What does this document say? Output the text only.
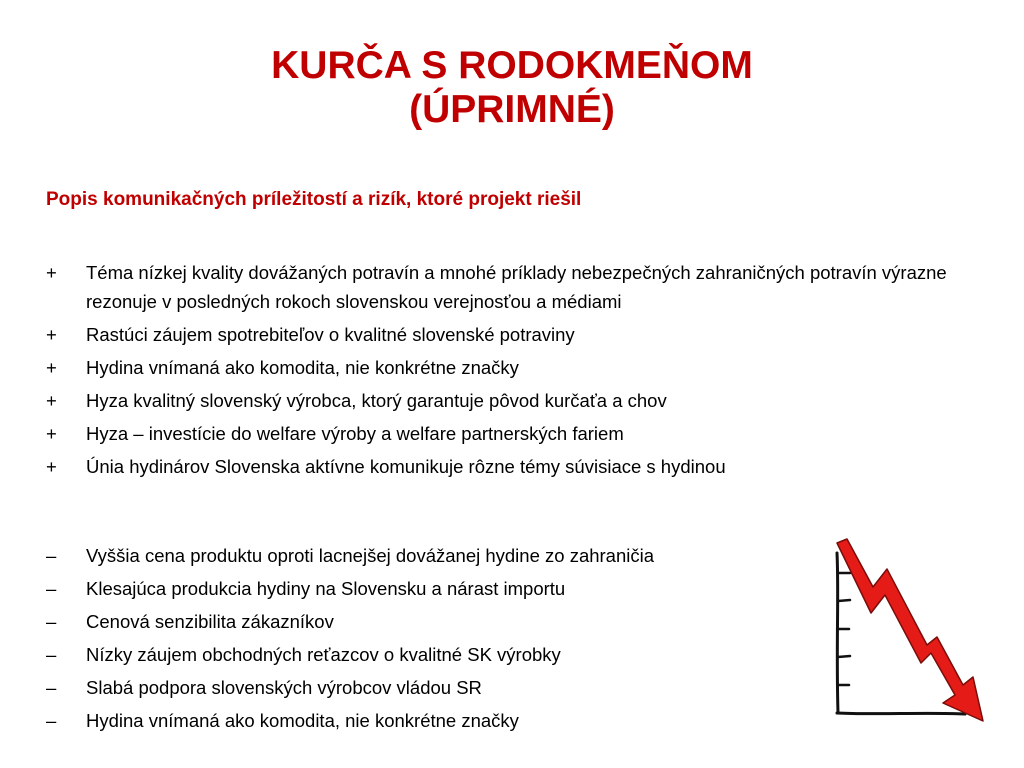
KURČA S RODOKMEŇOM
(ÚPRIMNÉ)
Popis komunikačných príležitostí a rizík, ktoré projekt riešil
+	Téma nízkej kvality dovážaných potravín a mnohé príklady nebezpečných zahraničných potravín výrazne rezonuje v posledných rokoch slovenskou verejnosťou a médiami
+	Rastúci záujem spotrebiteľov o kvalitné slovenské potraviny
+	Hydina vnímaná ako komodita, nie konkrétne značky
+	Hyza kvalitný slovenský výrobca, ktorý garantuje pôvod kurčaťa a chov
+	Hyza – investície do welfare výroby a welfare partnerských fariem
+	Únia hydinárov Slovenska aktívne komunikuje rôzne témy súvisiace s hydinou
–	Vyššia cena produktu oproti lacnejšej dovážanej hydine zo zahraničia
–	Klesajúca produkcia hydiny na Slovensku a nárast importu
–	Cenová senzibilita zákazníkov
–	Nízky záujem obchodných reťazcov o kvalitné SK výrobky
–	Slabá podpora slovenských výrobcov vládou SR
–	Hydina vnímaná ako komodita, nie konkrétne značky
